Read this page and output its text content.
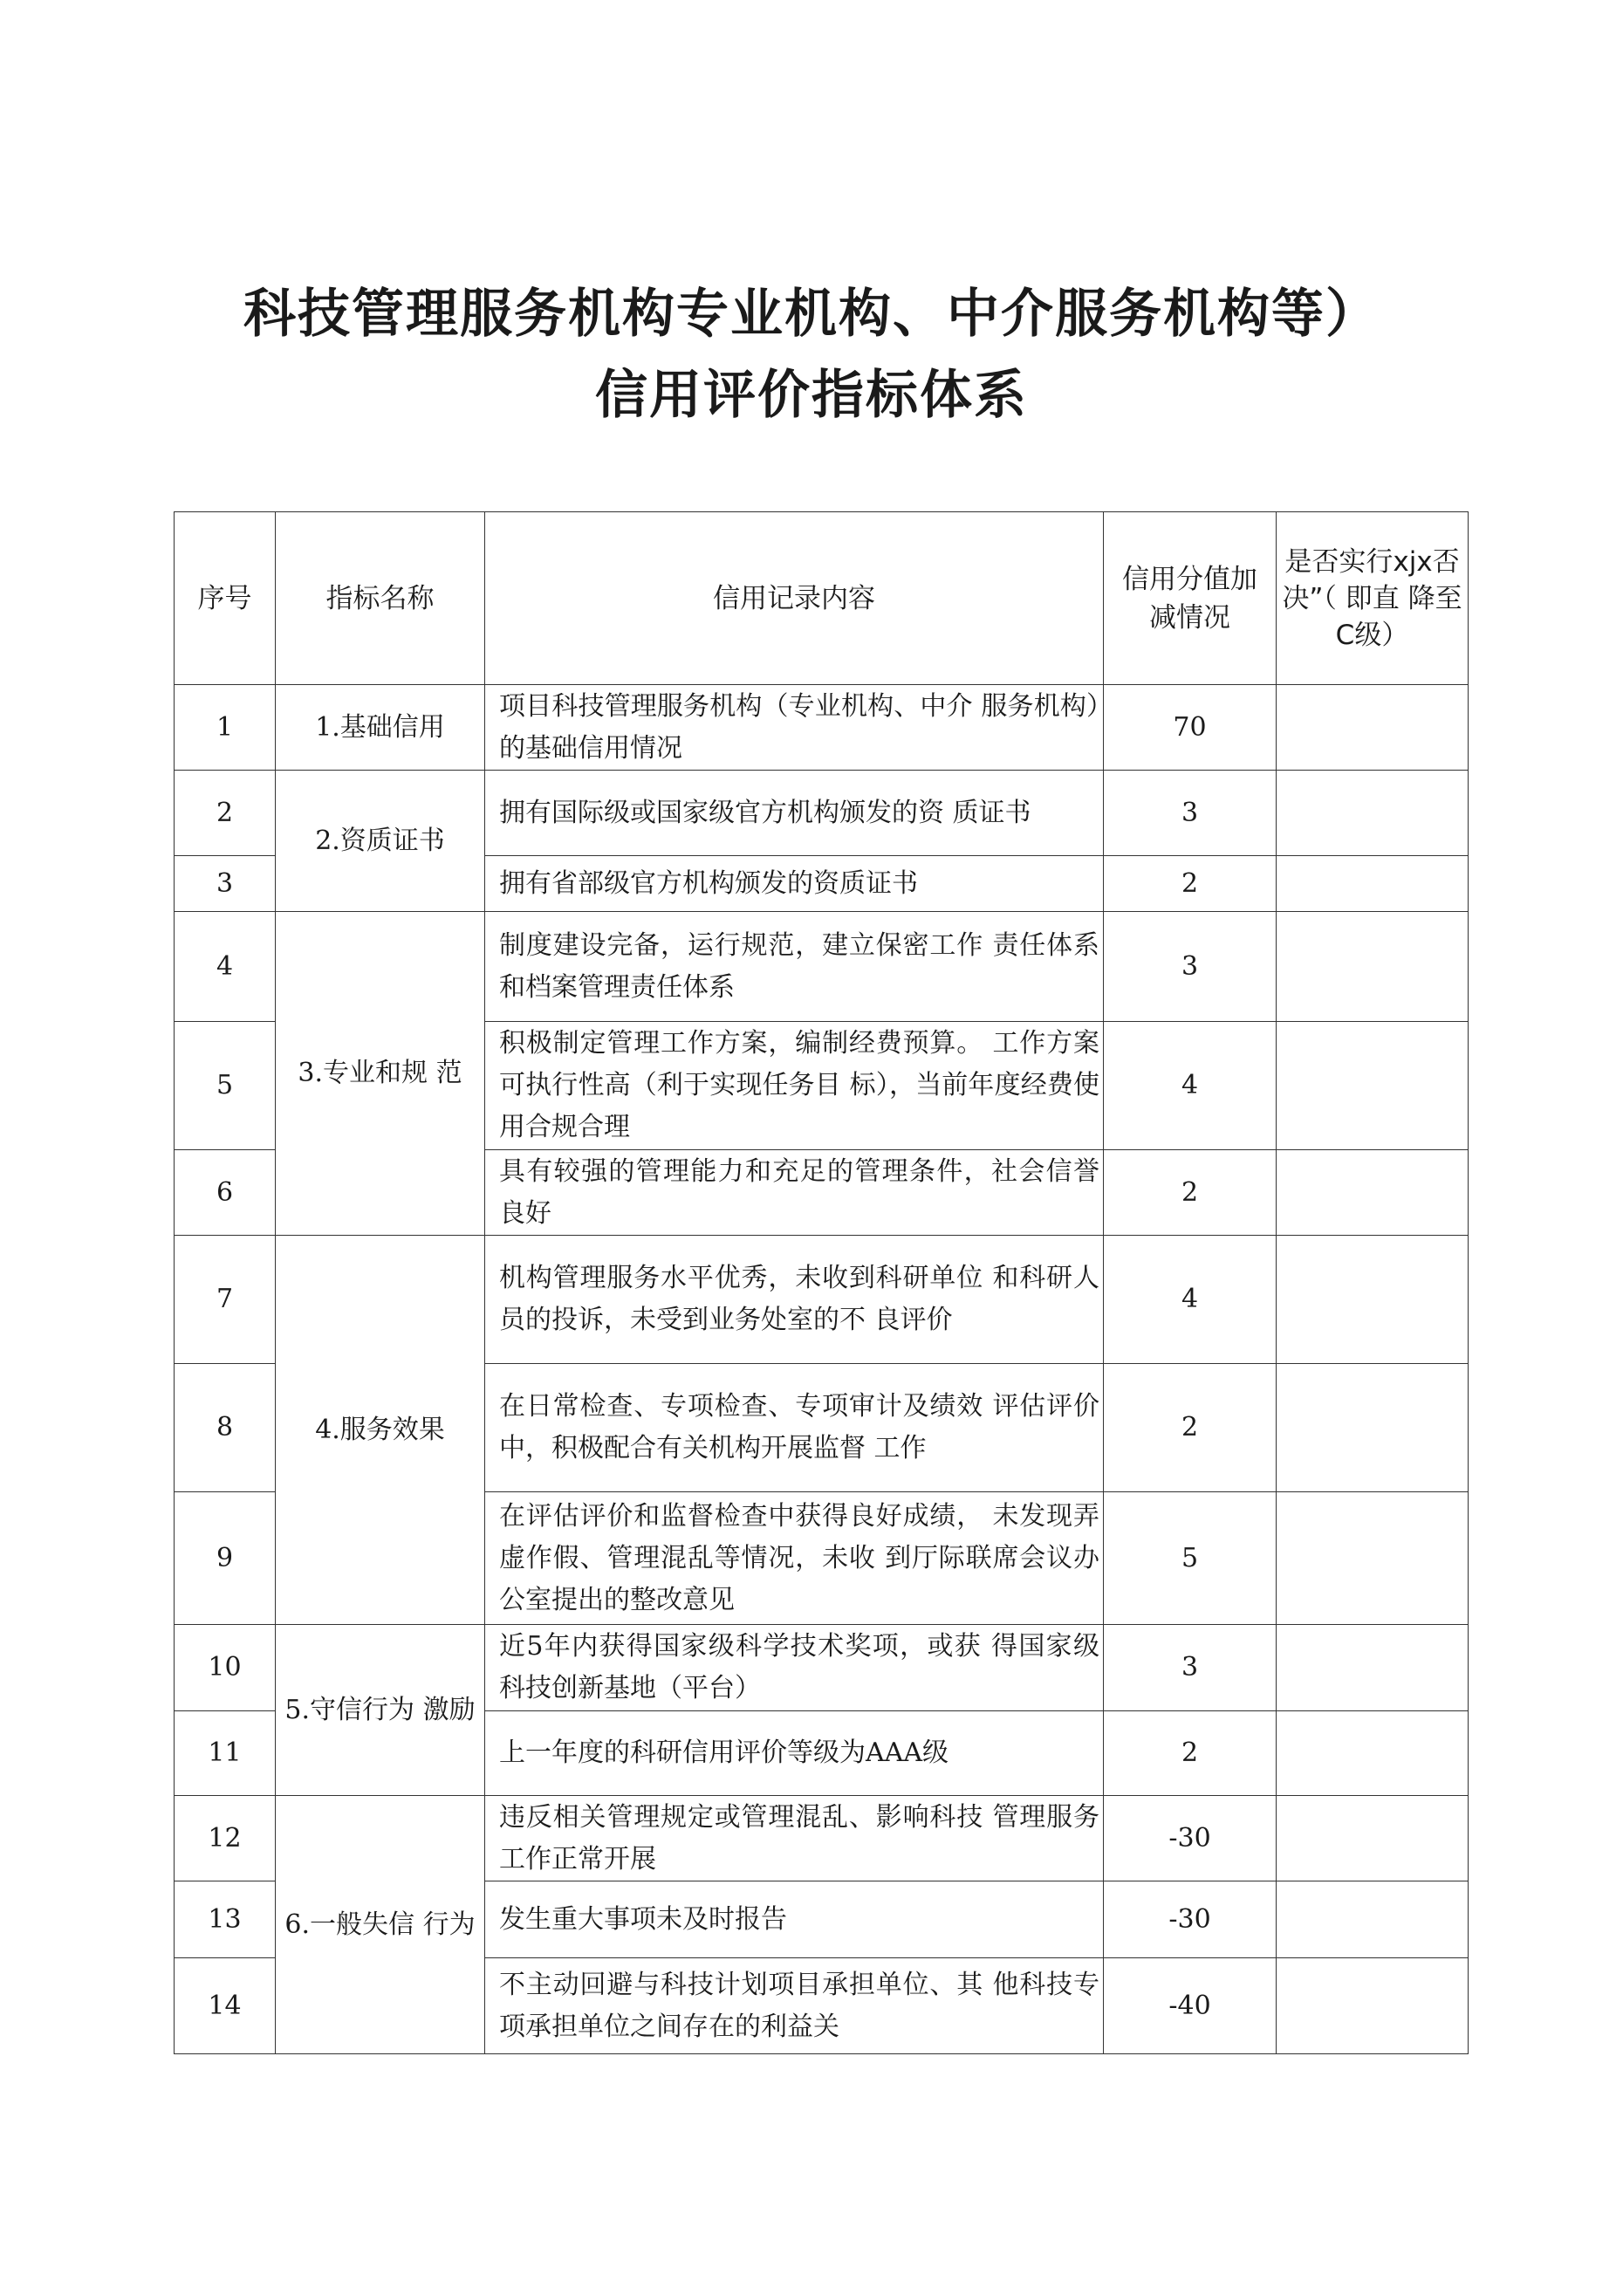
科技管理服务机构专业机构、中介服务机构等）
信用评价指标体系
序号	指标名称	信用记录内容	信用分值加减情况	是否实行xjx否 决”（ 即直 降至C级）
1	1.基础信用	项目科技管理服务机构（专业机构、中介 服务机构）的基础信用情况	70	
2	2.资质证书	拥有国际级或国家级官方机构颁发的资 质证书	3	
3		拥有省部级官方机构颁发的资质证书	2	
4	3.专业和规 范	制度建设完备，运行规范，建立保密工作 责任体系和档案管理责任体系	3	
5		积极制定管理工作方案，编制经费预算。 工作方案可执行性高（利于实现任务目 标），当前年度经费使用合规合理	4	
6		具有较强的管理能力和充足的管理条件，社会信誉良好	2	
7	4.服务效果	机构管理服务水平优秀，未收到科研单位 和科研人员的投诉，未受到业务处室的不 良评价	4	
8		在日常检查、专项检查、专项审计及绩效 评估评价中，积极配合有关机构开展监督 工作	2	
9		在评估评价和监督检查中获得良好成绩， 未发现弄虚作假、管理混乱等情况，未收 到厅际联席会议办公室提出的整改意见	5	
10	5.守信行为 激励	近5年内获得国家级科学技术奖项，或获 得国家级科技创新基地（平台）	3	
11		上一年度的科研信用评价等级为AAA级	2	
12	6.一般失信 行为	违反相关管理规定或管理混乱、影响科技 管理服务工作正常开展	-30	
13		发生重大事项未及时报告	-30	
14		不主动回避与科技计划项目承担单位、其 他科技专项承担单位之间存在的利益关	-40	
